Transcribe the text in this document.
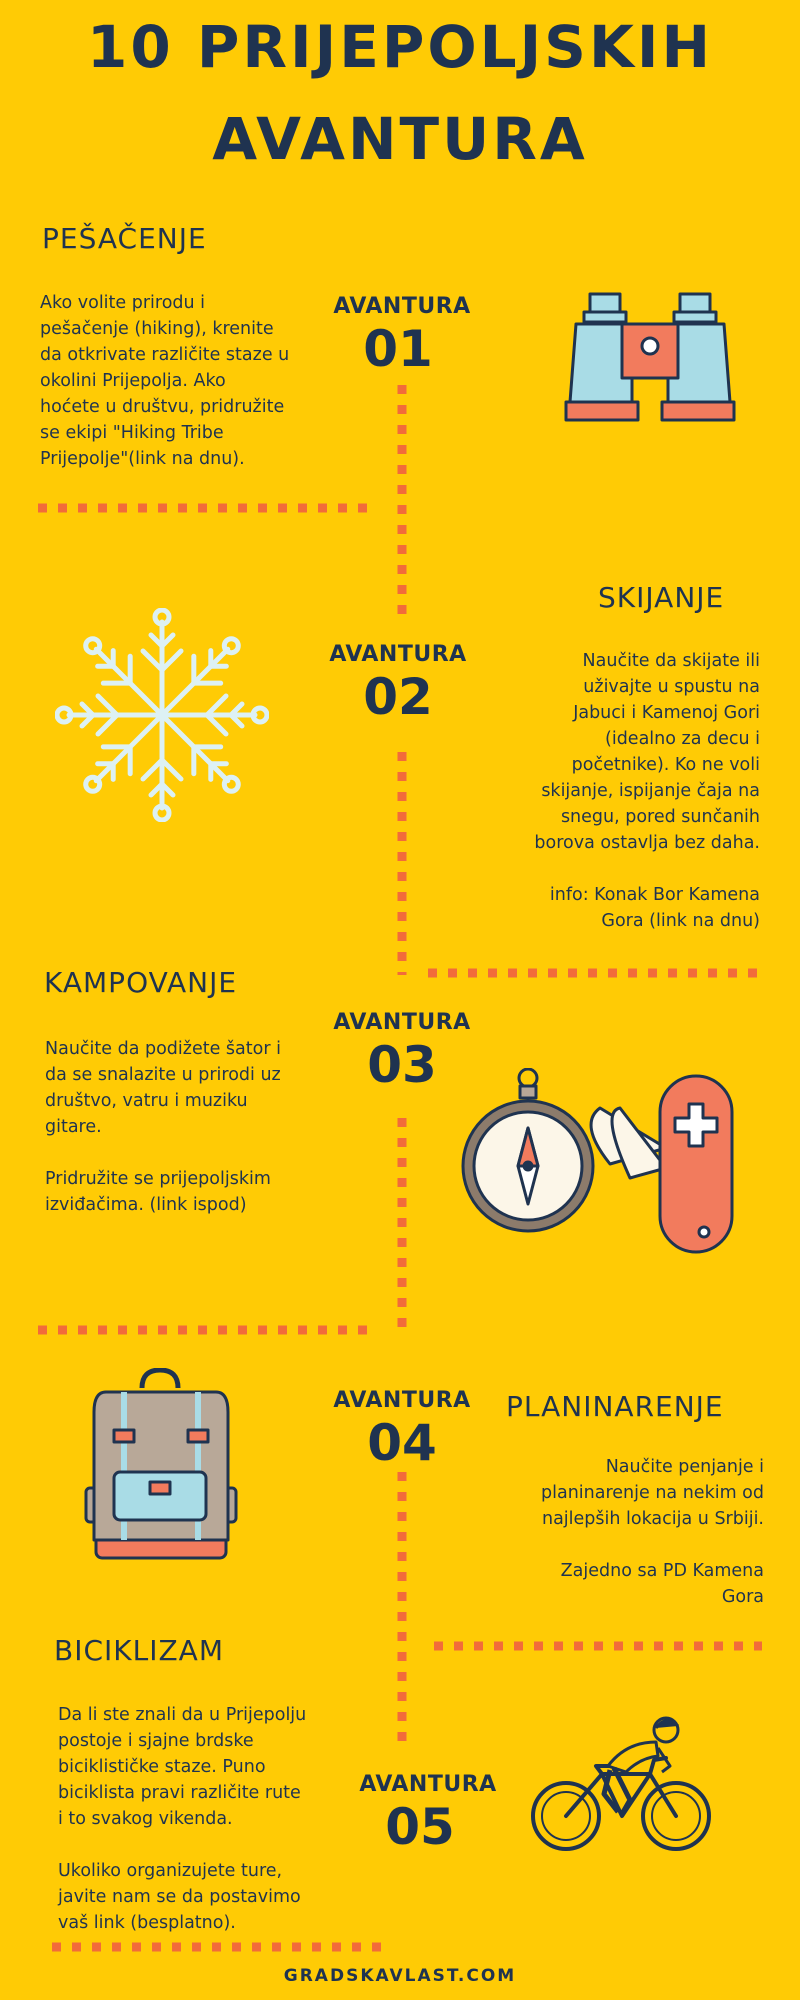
10 PRIJEPOLJSKIH
AVANTURA
PEŠAČENJE
Ako volite prirodu i
pešačenje (hiking), krenite
da otkrivate različite staze u
okolini Prijepolja. Ako
hoćete u društvu, pridružite
se ekipi "Hiking Tribe
Prijepolje"(link na dnu).
AVANTURA
01
SKIJANJE
Naučite da skijate ili
uživajte u spustu na
Jabuci i Kamenoj Gori
(idealno za decu i
početnike). Ko ne voli
skijanje, ispijanje čaja na
snegu, pored sunčanih
borova ostavlja bez daha.

info: Konak Bor Kamena
Gora (link na dnu)
AVANTURA
02
KAMPOVANJE
Naučite da podižete šator i
da se snalazite u prirodi uz
društvo, vatru i muziku
gitare.

Pridružite se prijepoljskim
izviđačima. (link ispod)
AVANTURA
03
PLANINARENJE
Naučite penjanje i
planinarenje na nekim od
najlepših lokacija u Srbiji.

Zajedno sa PD Kamena
Gora
AVANTURA
04
BICIKLIZAM
Da li ste znali da u Prijepolju
postoje i sjajne brdske
biciklističke staze. Puno
biciklista pravi različite rute
i to svakog vikenda.

Ukoliko organizujete ture,
javite nam se da postavimo
vaš link (besplatno).
AVANTURA
05
GRADSKAVLAST.COM
